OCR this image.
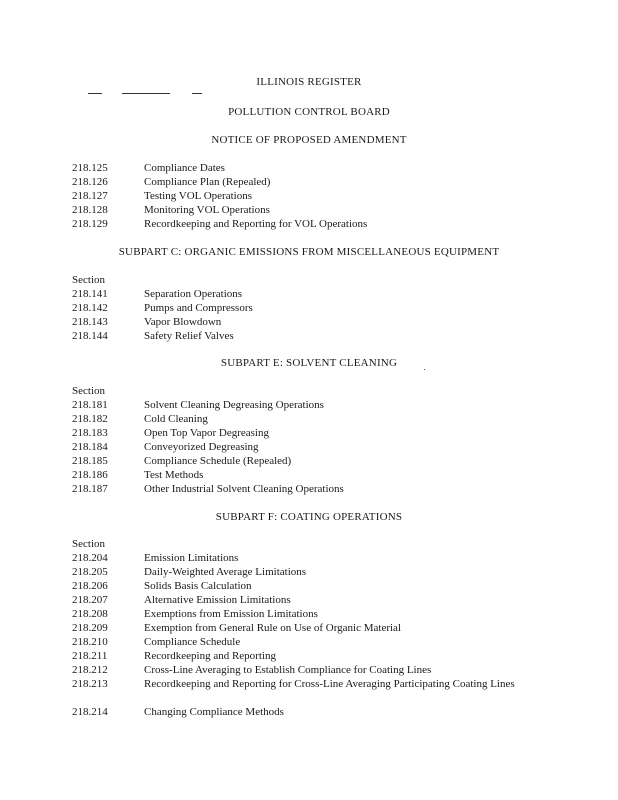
ILLINOIS REGISTER
POLLUTION CONTROL BOARD
NOTICE OF PROPOSED AMENDMENT
218.125	Compliance Dates
218.126	Compliance Plan (Repealed)
218.127	Testing VOL Operations
218.128	Monitoring VOL Operations
218.129	Recordkeeping and Reporting for VOL Operations
SUBPART C: ORGANIC EMISSIONS FROM MISCELLANEOUS EQUIPMENT
Section
218.141	Separation Operations
218.142	Pumps and Compressors
218.143	Vapor Blowdown
218.144	Safety Relief Valves
SUBPART E: SOLVENT CLEANING
Section
218.181	Solvent Cleaning Degreasing Operations
218.182	Cold Cleaning
218.183	Open Top Vapor Degreasing
218.184	Conveyorized Degreasing
218.185	Compliance Schedule (Repealed)
218.186	Test Methods
218.187	Other Industrial Solvent Cleaning Operations
SUBPART F: COATING OPERATIONS
Section
218.204	Emission Limitations
218.205	Daily-Weighted Average Limitations
218.206	Solids Basis Calculation
218.207	Alternative Emission Limitations
218.208	Exemptions from Emission Limitations
218.209	Exemption from General Rule on Use of Organic Material
218.210	Compliance Schedule
218.211	Recordkeeping and Reporting
218.212	Cross-Line Averaging to Establish Compliance for Coating Lines
218.213	Recordkeeping and Reporting for Cross-Line Averaging Participating Coating Lines
218.214	Changing Compliance Methods
